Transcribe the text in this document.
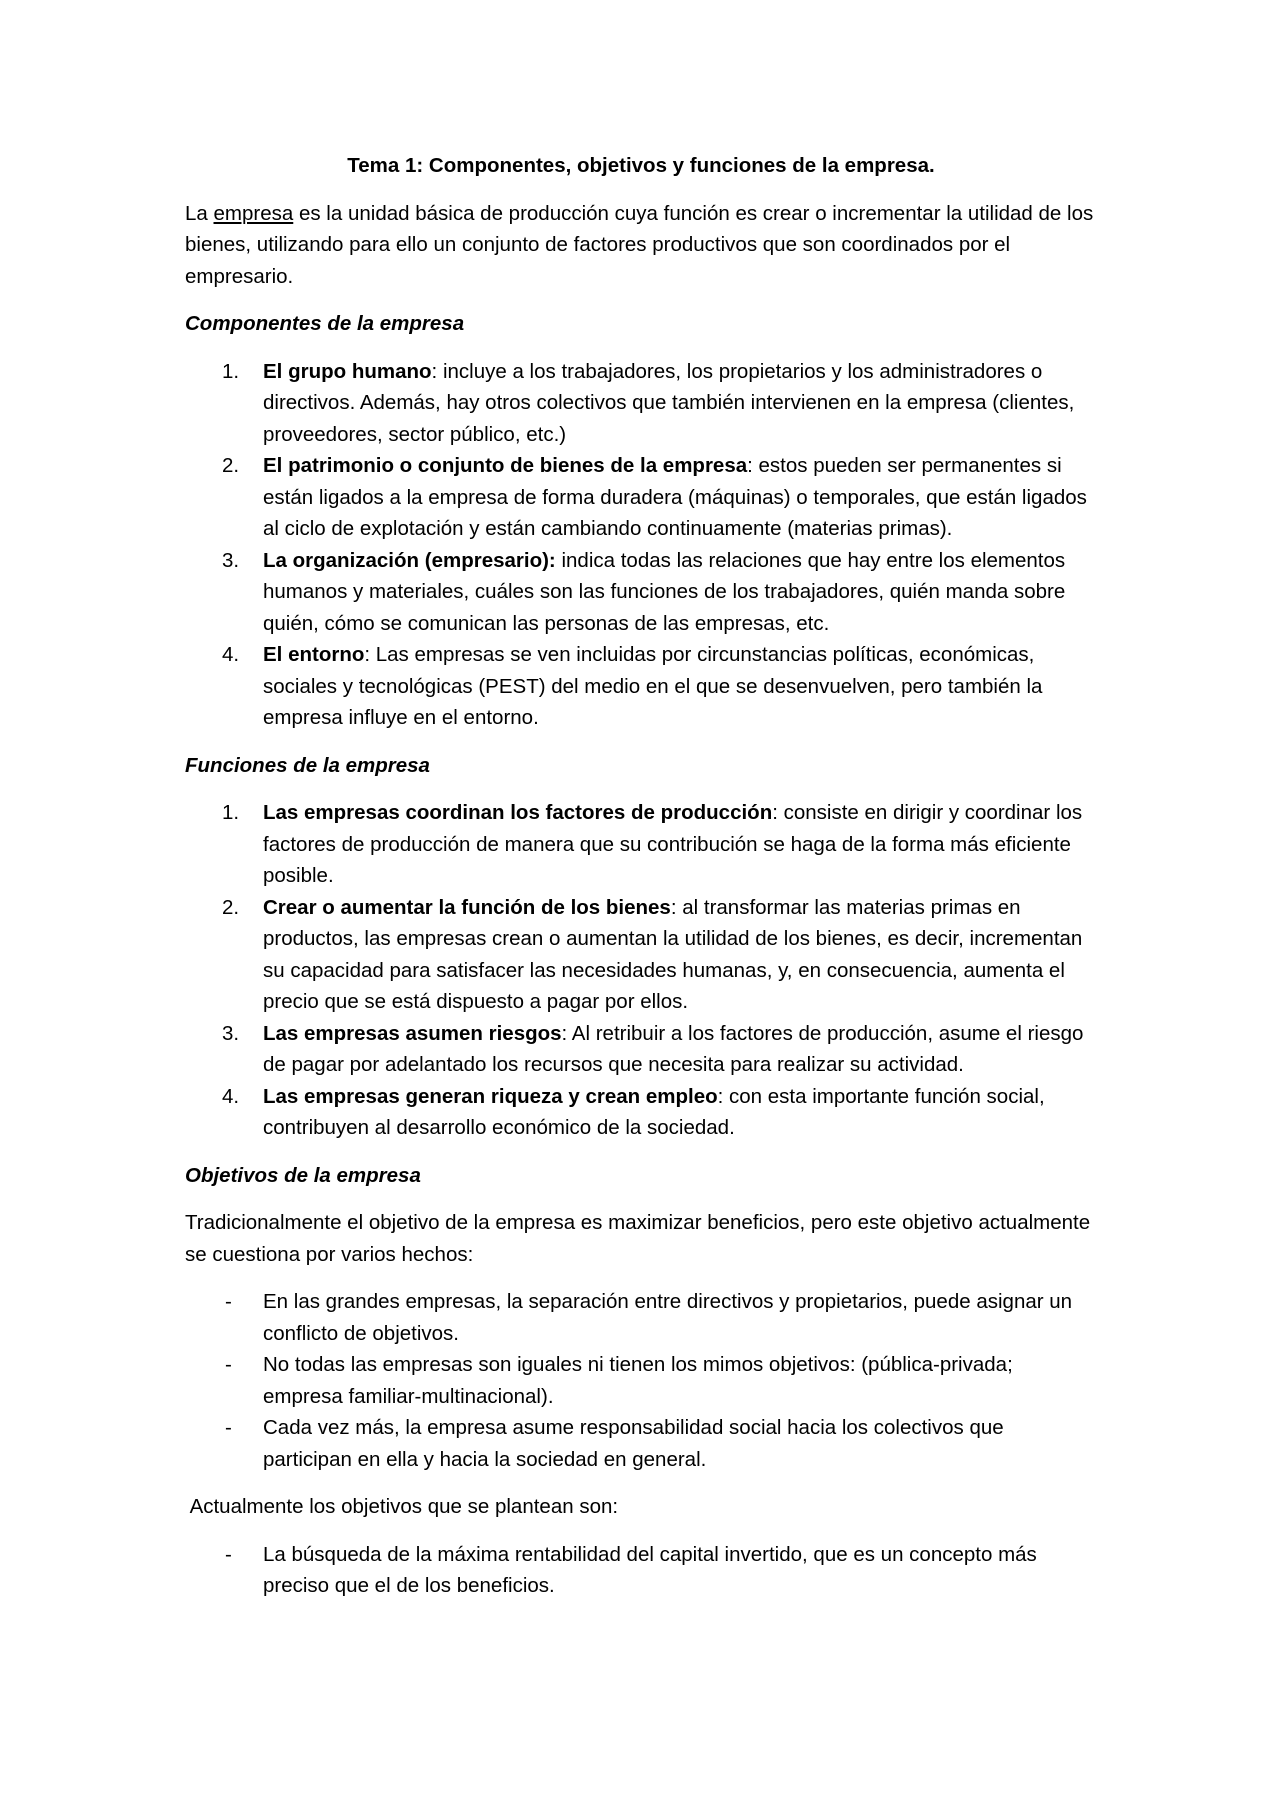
Tema 1: Componentes, objetivos y funciones de la empresa.

La empresa es la unidad básica de producción cuya función es crear o incrementar la utilidad de los bienes, utilizando para ello un conjunto de factores productivos que son coordinados por el empresario.

Componentes de la empresa
1. El grupo humano: incluye a los trabajadores, los propietarios y los administradores o directivos. Además, hay otros colectivos que también intervienen en la empresa (clientes, proveedores, sector público, etc.)
2. El patrimonio o conjunto de bienes de la empresa: estos pueden ser permanentes si están ligados a la empresa de forma duradera (máquinas) o temporales, que están ligados al ciclo de explotación y están cambiando continuamente (materias primas).
3. La organización (empresario): indica todas las relaciones que hay entre los elementos humanos y materiales, cuáles son las funciones de los trabajadores, quién manda sobre quién, cómo se comunican las personas de las empresas, etc.
4. El entorno: Las empresas se ven incluidas por circunstancias políticas, económicas, sociales y tecnológicas (PEST) del medio en el que se desenvuelven, pero también la empresa influye en el entorno.
Funciones de la empresa
1. Las empresas coordinan los factores de producción: consiste en dirigir y coordinar los factores de producción de manera que su contribución se haga de la forma más eficiente posible.
2. Crear o aumentar la función de los bienes: al transformar las materias primas en productos, las empresas crean o aumentan la utilidad de los bienes, es decir, incrementan su capacidad para satisfacer las necesidades humanas, y, en consecuencia, aumenta el precio que se está dispuesto a pagar por ellos.
3. Las empresas asumen riesgos: Al retribuir a los factores de producción, asume el riesgo de pagar por adelantado los recursos que necesita para realizar su actividad.
4. Las empresas generan riqueza y crean empleo: con esta importante función social, contribuyen al desarrollo económico de la sociedad.
Objetivos de la empresa

Tradicionalmente el objetivo de la empresa es maximizar beneficios, pero este objetivo actualmente se cuestiona por varios hechos:

- En las grandes empresas, la separación entre directivos y propietarios, puede asignar un conflicto de objetivos.
- No todas las empresas son iguales ni tienen los mimos objetivos: (pública-privada; empresa familiar-multinacional).
- Cada vez más, la empresa asume responsabilidad social hacia los colectivos que participan en ella y hacia la sociedad en general.

Actualmente los objetivos que se plantean son:

- La búsqueda de la máxima rentabilidad del capital invertido, que es un concepto más preciso que el de los beneficios.
